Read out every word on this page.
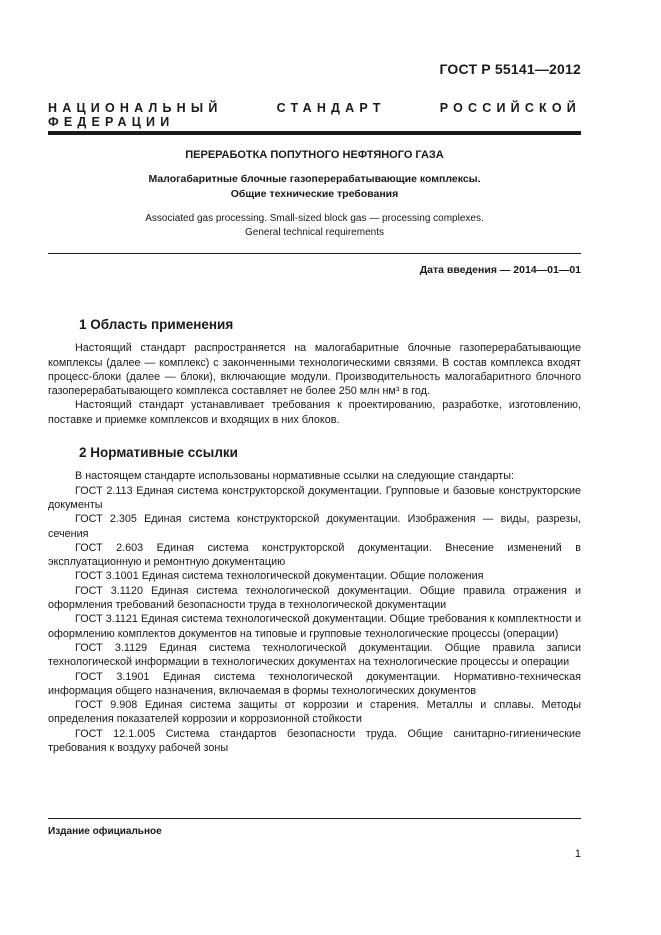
ГОСТ Р 55141—2012
НАЦИОНАЛЬНЫЙ СТАНДАРТ РОССИЙСКОЙ ФЕДЕРАЦИИ
ПЕРЕРАБОТКА ПОПУТНОГО НЕФТЯНОГО ГАЗА
Малогабаритные блочные газоперерабатывающие комплексы.
Общие технические требования
Associated gas processing. Small-sized block gas — processing complexes.
General technical requirements
Дата введения — 2014—01—01
1 Область применения

Настоящий стандарт распространяется на малогабаритные блочные газоперерабатывающие комплексы (далее — комплекс) с законченными технологическими связями. В состав комплекса входят процесс-блоки (далее — блоки), включающие модули. Производительность малогабаритного блочного газоперерабатывающего комплекса составляет не более 250 млн нм³ в год.

Настоящий стандарт устанавливает требования к проектированию, разработке, изготовлению, поставке и приемке комплексов и входящих в них блоков.

2 Нормативные ссылки

В настоящем стандарте использованы нормативные ссылки на следующие стандарты:

ГОСТ 2.113 Единая система конструкторской документации. Групповые и базовые конструкторские документы

ГОСТ 2.305 Единая система конструкторской документации. Изображения — виды, разрезы, сечения

ГОСТ 2.603 Единая система конструкторской документации. Внесение изменений в эксплуатационную и ремонтную документацию

ГОСТ 3.1001 Единая система технологической документации. Общие положения

ГОСТ 3.1120 Единая система технологической документации. Общие правила отражения и оформления требований безопасности труда в технологической документации

ГОСТ 3.1121 Единая система технологической документации. Общие требования к комплектности и оформлению комплектов документов на типовые и групповые технологические процессы (операции)

ГОСТ 3.1129 Единая система технологической документации. Общие правила записи технологической информации в технологических документах на технологические процессы и операции

ГОСТ 3.1901 Единая система технологической документации. Нормативно-техническая информация общего назначения, включаемая в формы технологических документов

ГОСТ 9.908 Единая система защиты от коррозии и старения. Металлы и сплавы. Методы определения показателей коррозии и коррозионной стойкости

ГОСТ 12.1.005 Система стандартов безопасности труда. Общие санитарно-гигиенические требования к воздуху рабочей зоны

Издание официальное
1
